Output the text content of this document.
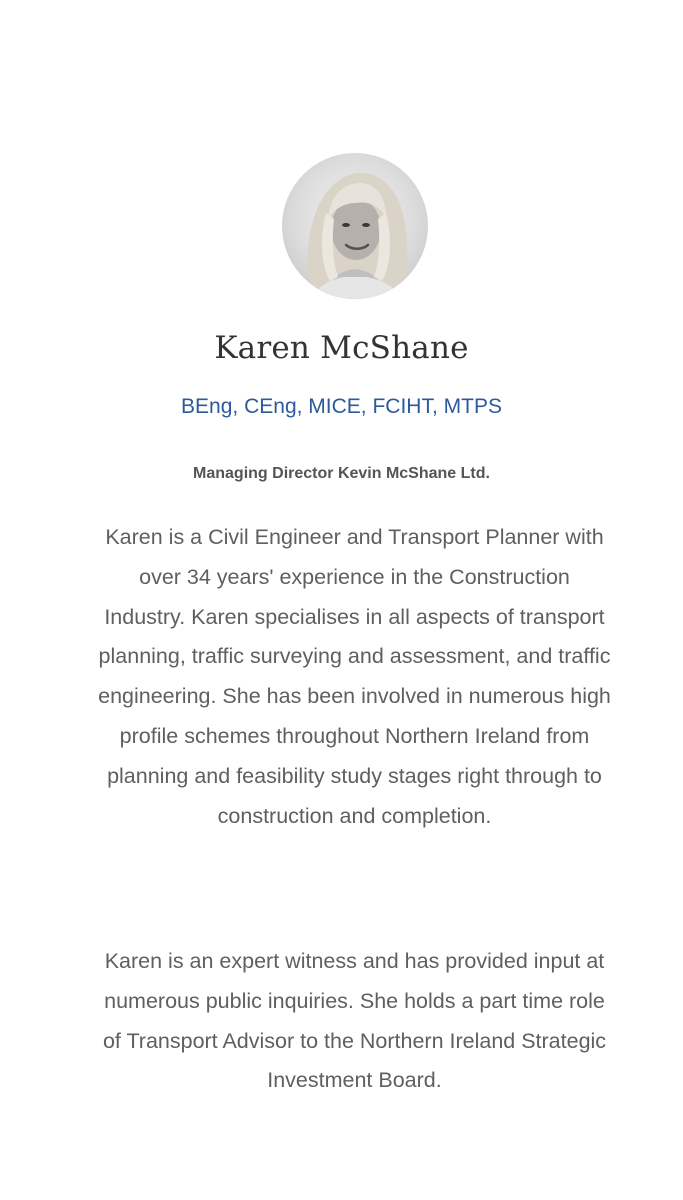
Karen McShane
BEng, CEng, MICE, FCIHT, MTPS
Managing Director Kevin McShane Ltd.

Karen is a Civil Engineer and Transport Planner with over 34 years' experience in the Construction Industry. Karen specialises in all aspects of transport planning, traffic surveying and assessment, and traffic engineering. She has been involved in numerous high profile schemes throughout Northern Ireland from planning and feasibility study stages right through to construction and completion.

Karen is an expert witness and has provided input at numerous public inquiries. She holds a part time role of Transport Advisor to the Northern Ireland Strategic Investment Board.
